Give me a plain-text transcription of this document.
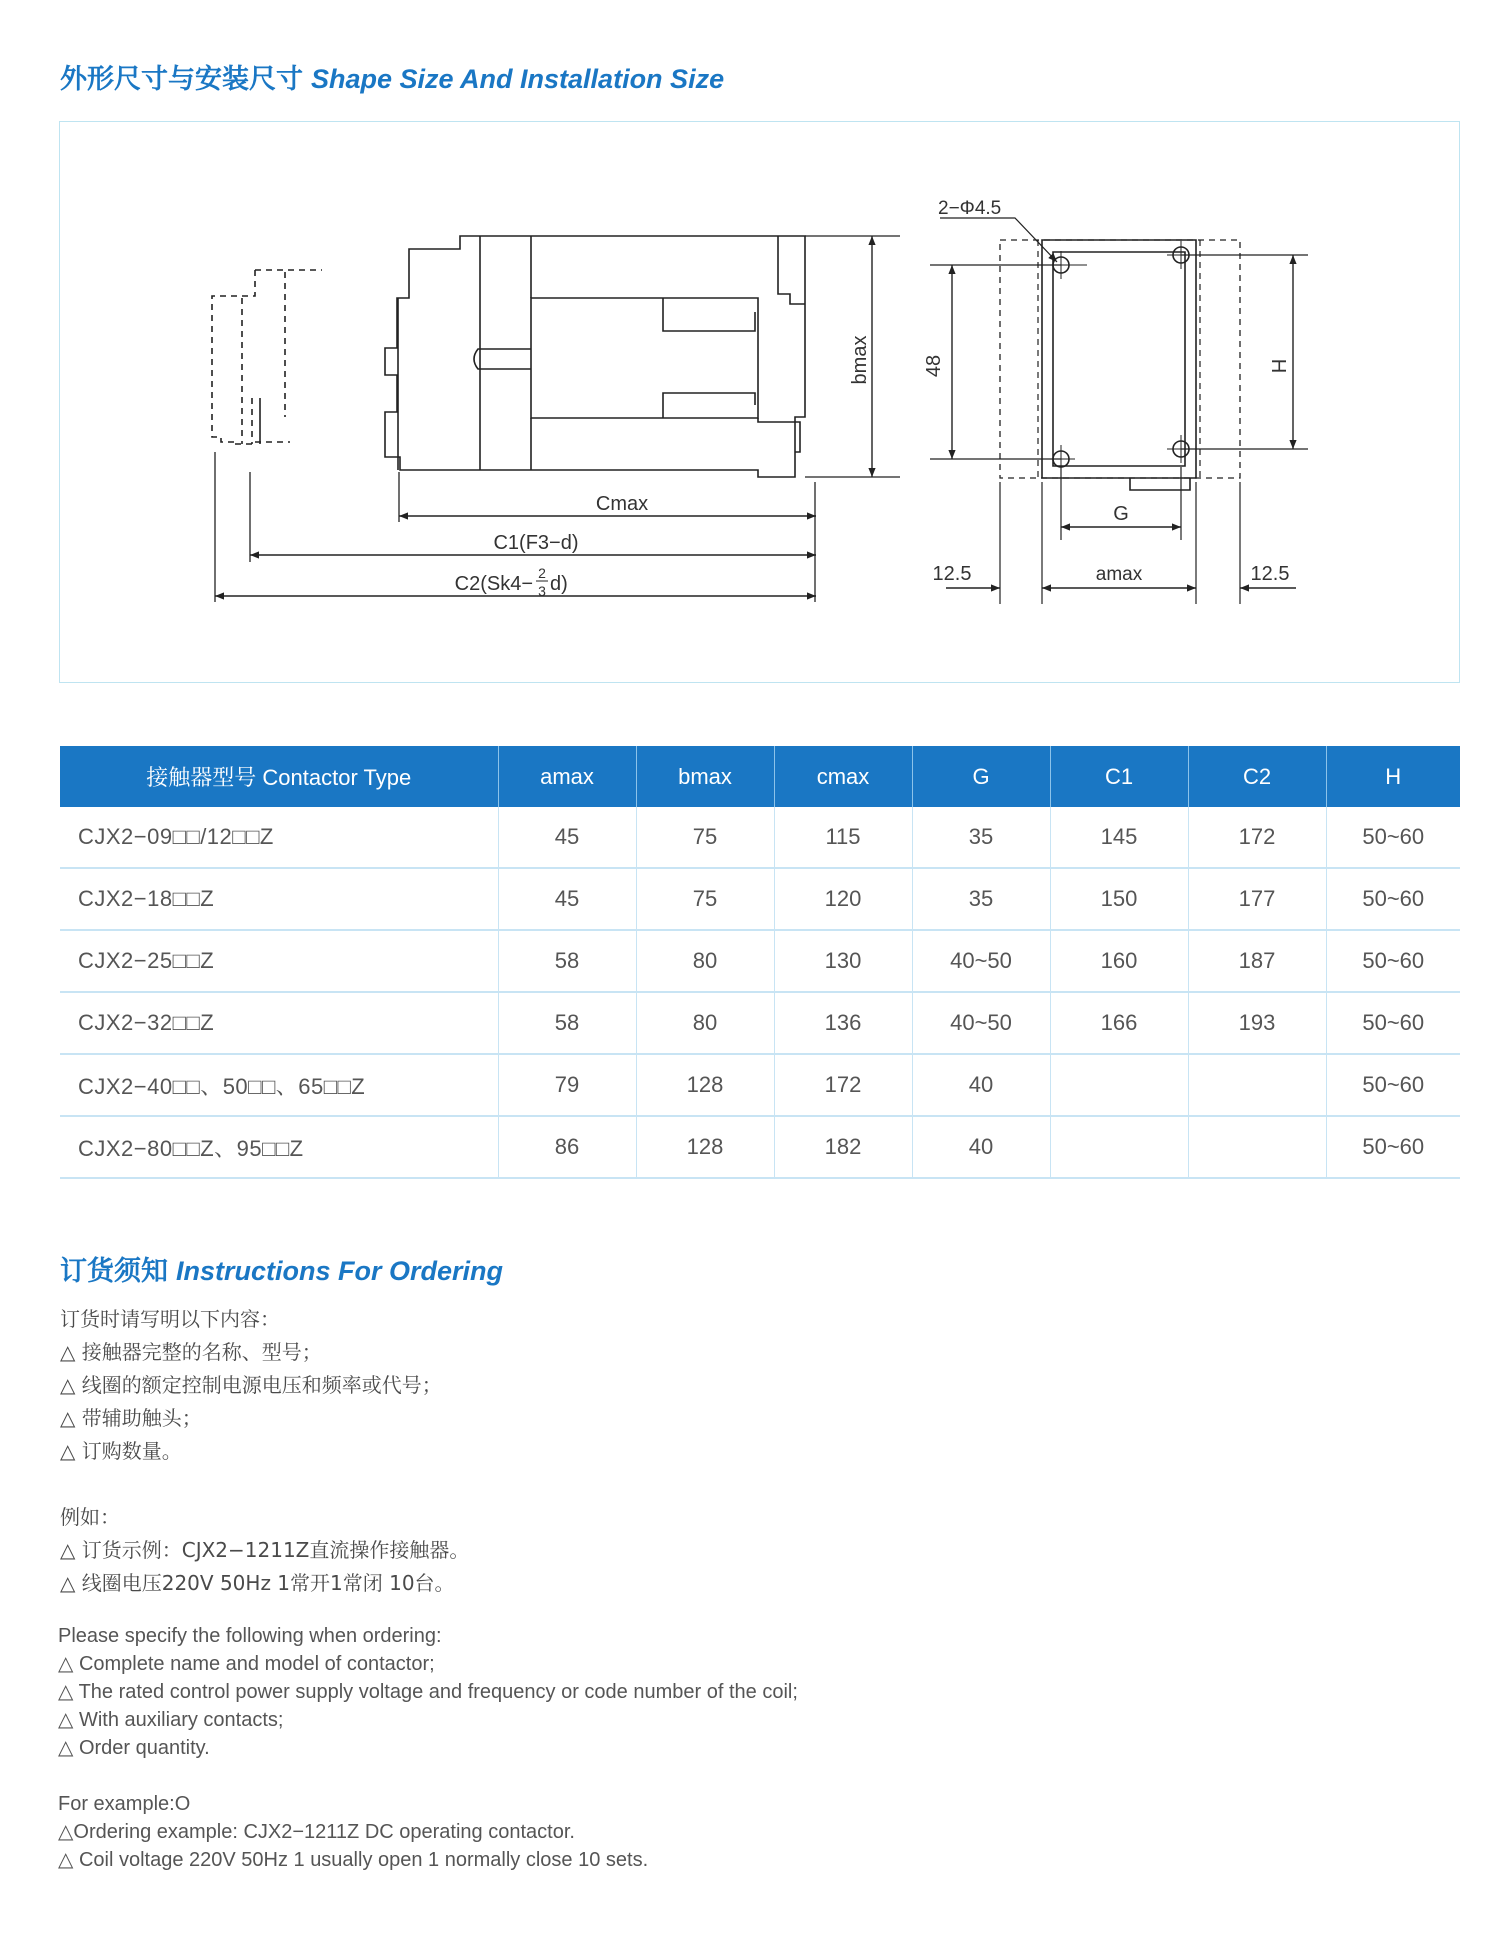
外形尺寸与安装尺寸 Shape Size And Installation Size
Cmax
C1(F3−d)
C2(Sk4− 2
3 d)
bmax
2−Φ4.5
48	H
G
amax
12.5	12.5
接触器型号 Contactor Type	amax	bmax	cmax	G	C1	C2	H
CJX2−09□□/12□□Z	45	75	115	35	145	172	50~60
CJX2−18□□Z	45	75	120	35	150	177	50~60
CJX2−25□□Z	58	80	130	40~50	160	187	50~60
CJX2−32□□Z	58	80	136	40~50	166	193	50~60
CJX2−40□□、50□□、65□□Z	79	128	172	40			50~60
CJX2−80□□Z、95□□Z	86	128	182	40			50~60
订货须知 Instructions For Ordering

订货时请写明以下内容：

△ 接触器完整的名称、型号；

△ 线圈的额定控制电源电压和频率或代号；

△ 带辅助触头；

△ 订购数量。

例如：

△ 订货示例：CJX2−1211Z直流操作接触器。

△ 线圈电压220V 50Hz 1常开1常闭 10台。

Please specify the following when ordering:

△ Complete name and model of contactor;

△ The rated control power supply voltage and frequency or code number of the coil;

△ With auxiliary contacts;

△ Order quantity.

For example:O

△Ordering example: CJX2−1211Z DC operating contactor.

△ Coil voltage 220V 50Hz 1 usually open 1 normally close 10 sets.
